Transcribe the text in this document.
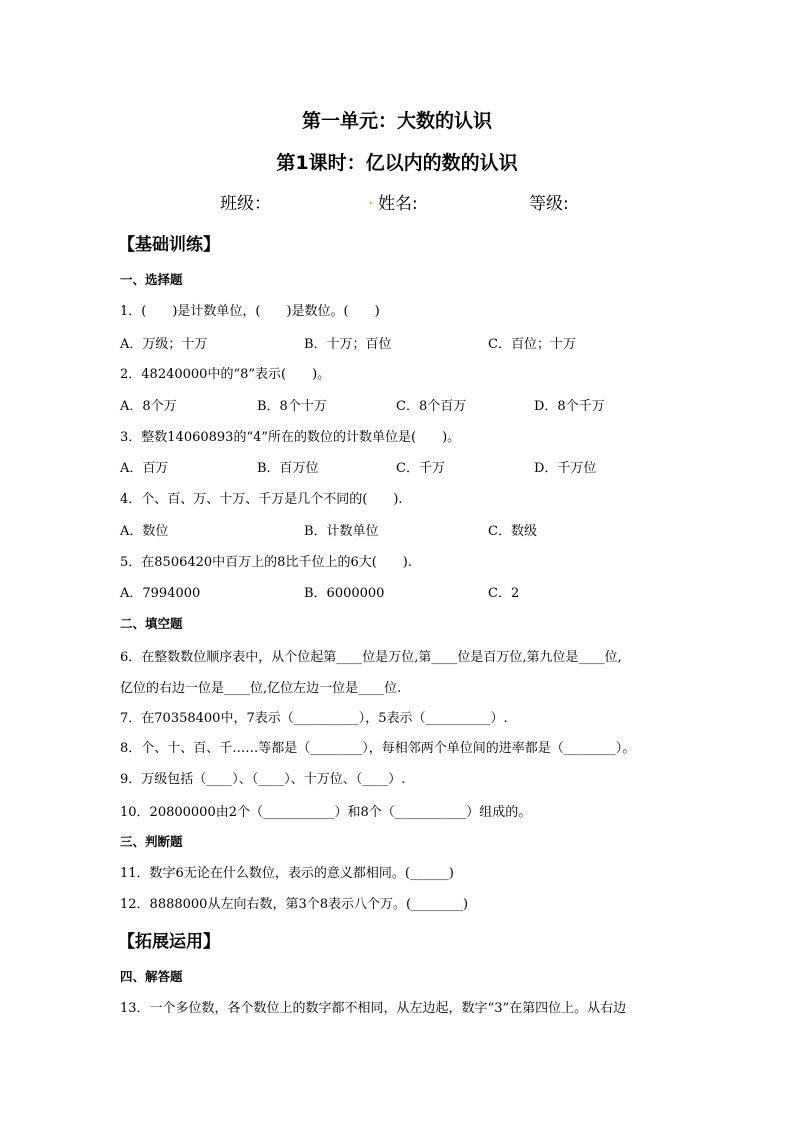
第一单元：大数的认识
第1课时：亿以内的数的认识
班级：	. 姓名:	等级:
【基础训练】
一、选择题
1．(　　)是计数单位，(　　)是数位。(　　)
A．万级；十万	B．十万；百位	C．百位；十万
2．48240000中的“8”表示(　　)。
A．8个万	B．8个十万	C．8个百万	D．8个千万
3．整数14060893的“4”所在的数位的计数单位是(　　)。
A．百万	B．百万位	C．千万	D．千万位
4．个、百、万、十万、千万是几个不同的(　　).
A．数位	B．计数单位	C．数级
5．在8506420中百万上的8比千位上的6大(　　).
A．7994000	B．6000000	C．2
二、填空题
6．在整数数位顺序表中，从个位起第____位是万位,第____位是百万位,第九位是____位,
亿位的右边一位是____位,亿位左边一位是____位.
7．在70358400中，7表示（__________），5表示（__________）.
8．个、十、百、千……等都是（________），每相邻两个单位间的进率都是（________）。
9．万级包括（____）、（____）、十万位、（____）.
10．20800000由2个（___________）和8个（___________）组成的。
三、判断题
11．数字6无论在什么数位，表示的意义都相同。(______)
12．8888000从左向右数，第3个8表示八个万。(________)
【拓展运用】
四、解答题
13．一个多位数，各个数位上的数字都不相同，从左边起，数字“3”在第四位上。从右边
